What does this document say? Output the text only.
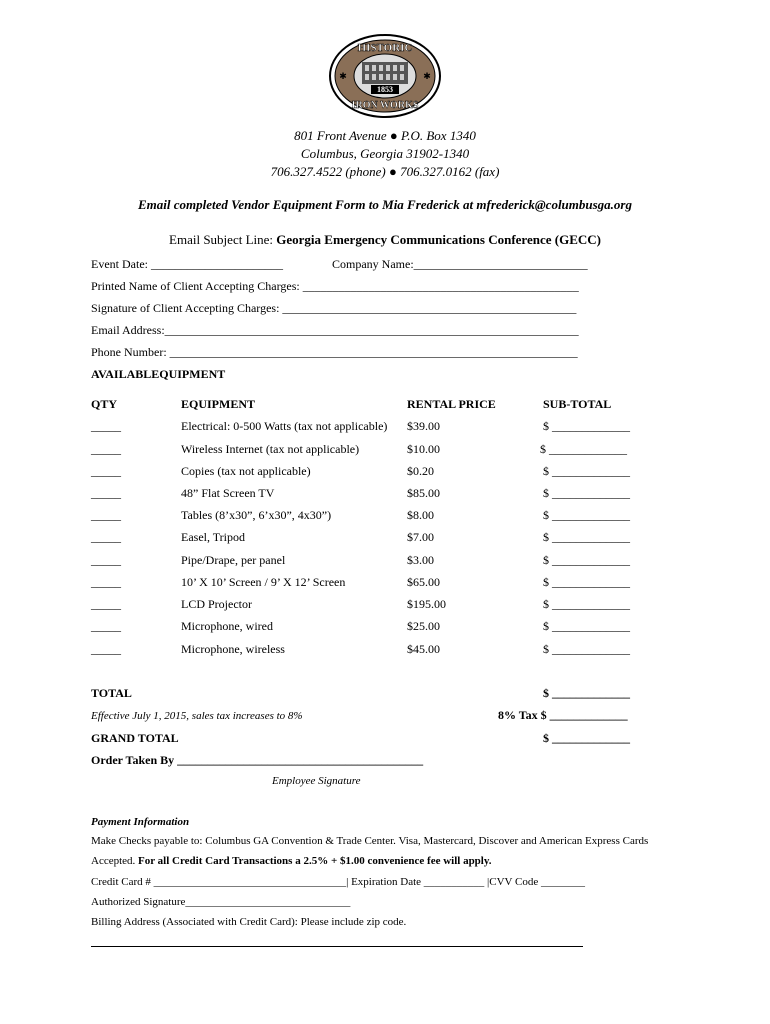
1853
HISTORIC
IRON WORKS
✱	✱
801 Front Avenue ● P.O. Box 1340
Columbus, Georgia 31902-1340
706.327.4522 (phone) ● 706.327.0162 (fax)
Email completed Vendor Equipment Form to Mia Frederick at mfrederick@columbusga.org
Email Subject Line: Georgia Emergency Communications Conference (GECC)
Event Date: ______________________	Company Name:_____________________________
Printed Name of Client Accepting Charges: ______________________________________________
Signature of Client Accepting Charges: _________________________________________________
Email Address:_____________________________________________________________________
Phone Number: ____________________________________________________________________
AVAILABLEQUIPMENT
QTY	EQUIPMENT	RENTAL PRICE	SUB-TOTAL
_____	Electrical: 0-500 Watts (tax not applicable) $39.00	$ _____________
_____	Wireless Internet (tax not applicable)	$10.00	$ _____________
_____	Copies (tax not applicable)	$0.20	$ _____________
_____	48” Flat Screen TV	$85.00	$ _____________
_____	Tables (8’x30”, 6’x30”, 4x30”)	$8.00	$ _____________
_____	Easel, Tripod	$7.00	$ _____________
_____	Pipe/Drape, per panel	$3.00	$ _____________
_____	10’ X 10’ Screen / 9’ X 12’ Screen	$65.00	$ _____________
_____	LCD Projector	$195.00	$ _____________
_____	Microphone, wired	$25.00	$ _____________
_____	Microphone, wireless	$45.00	$ _____________
TOTAL	$ _____________
Effective July 1, 2015, sales tax increases to 8%	8% Tax $ _____________
GRAND TOTAL	$ _____________
Order Taken By _________________________________________
Employee Signature
Payment Information
Make Checks payable to: Columbus GA Convention & Trade Center. Visa, Mastercard, Discover and American Express Cards
Accepted. For all Credit Card Transactions a 2.5% + $1.00 convenience fee will apply.
Credit Card # ___________________________________| Expiration Date ___________ |CVV Code ________
Authorized Signature______________________________
Billing Address (Associated with Credit Card): Please include zip code.
